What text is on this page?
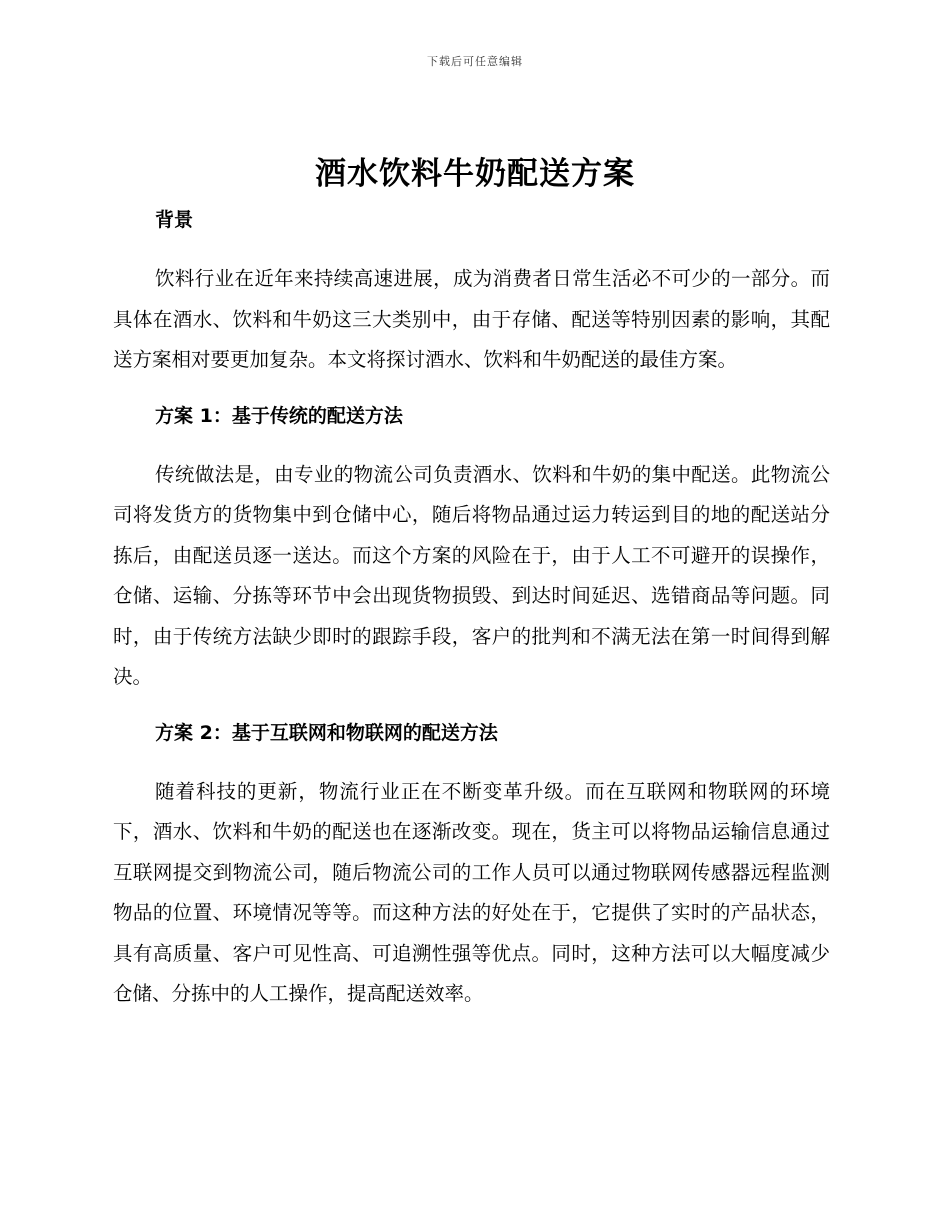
下载后可任意编辑
酒水饮料牛奶配送方案
背景

饮料行业在近年来持续高速进展，成为消费者日常生活必不可少的一部分。而具体在酒水、饮料和牛奶这三大类别中，由于存储、配送等特别因素的影响，其配送方案相对要更加复杂。本文将探讨酒水、饮料和牛奶配送的最佳方案。

方案 1：基于传统的配送方法

传统做法是，由专业的物流公司负责酒水、饮料和牛奶的集中配送。此物流公司将发货方的货物集中到仓储中心，随后将物品通过运力转运到目的地的配送站分拣后，由配送员逐一送达。而这个方案的风险在于，由于人工不可避开的误操作，仓储、运输、分拣等环节中会出现货物损毁、到达时间延迟、选错商品等问题。同时，由于传统方法缺少即时的跟踪手段，客户的批判和不满无法在第一时间得到解决。

方案 2：基于互联网和物联网的配送方法

随着科技的更新，物流行业正在不断变革升级。而在互联网和物联网的环境下，酒水、饮料和牛奶的配送也在逐渐改变。现在，货主可以将物品运输信息通过互联网提交到物流公司，随后物流公司的工作人员可以通过物联网传感器远程监测物品的位置、环境情况等等。而这种方法的好处在于，它提供了实时的产品状态，具有高质量、客户可见性高、可追溯性强等优点。同时，这种方法可以大幅度减少仓储、分拣中的人工操作，提高配送效率。
